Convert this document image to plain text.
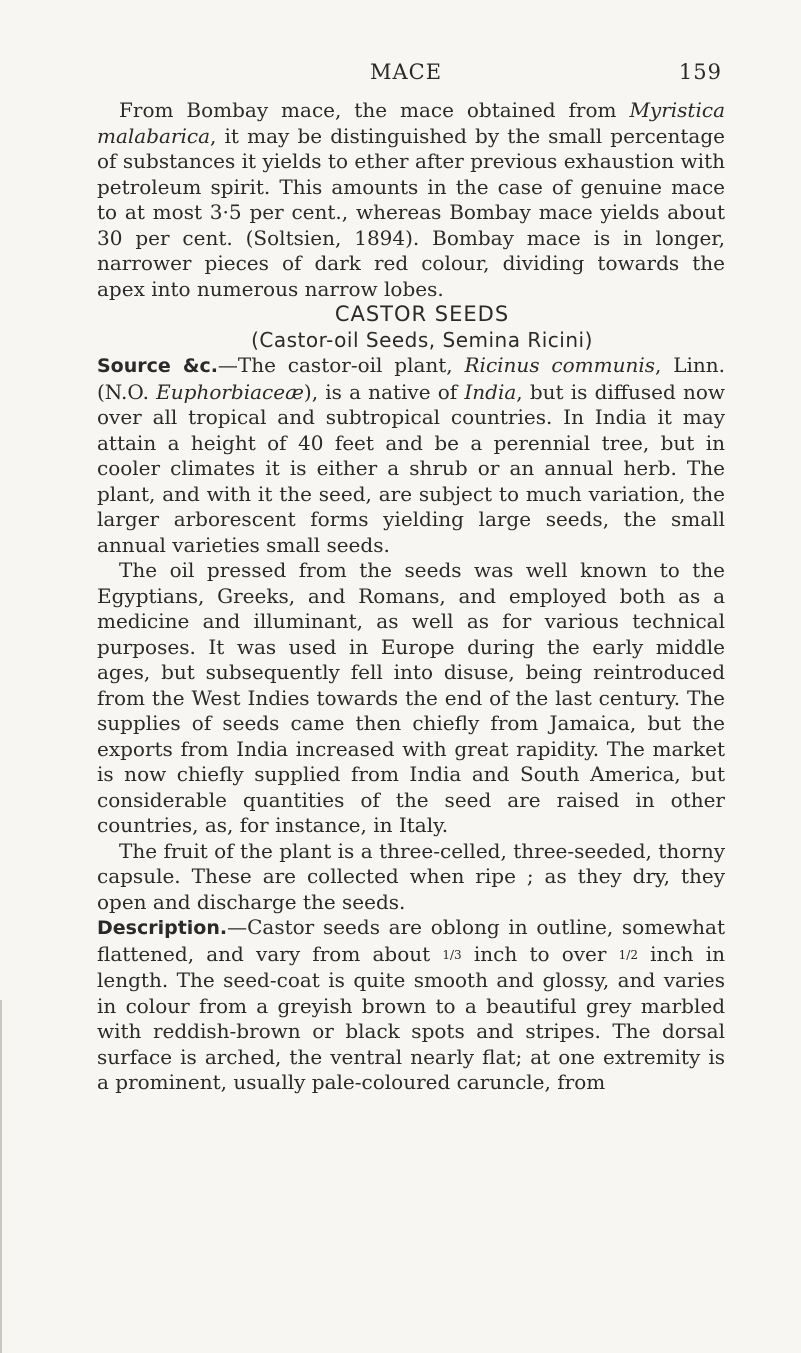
MACE	159

From Bombay mace, the mace obtained from Myristica malabarica, it may be distinguished by the small percentage of substances it yields to ether after previous exhaustion with petroleum spirit. This amounts in the case of genuine mace to at most 3·5 per cent., whereas Bombay mace yields about 30 per cent. (Soltsien, 1894). Bombay mace is in longer, narrower pieces of dark red colour, dividing towards the apex into numerous narrow lobes.

CASTOR SEEDS

(Castor-oil Seeds, Semina Ricini)

Source &c.—The castor-oil plant, Ricinus communis, Linn. (N.O. Euphorbiaceæ), is a native of India, but is diffused now over all tropical and subtropical countries. In India it may attain a height of 40 feet and be a perennial tree, but in cooler climates it is either a shrub or an annual herb. The plant, and with it the seed, are subject to much variation, the larger arborescent forms yielding large seeds, the small annual varieties small seeds.

The oil pressed from the seeds was well known to the Egyptians, Greeks, and Romans, and employed both as a medicine and illuminant, as well as for various technical purposes. It was used in Europe during the early middle ages, but subsequently fell into disuse, being reintroduced from the West Indies towards the end of the last century. The supplies of seeds came then chiefly from Jamaica, but the exports from India increased with great rapidity. The market is now chiefly supplied from India and South America, but considerable quantities of the seed are raised in other countries, as, for instance, in Italy.

The fruit of the plant is a three-celled, three-seeded, thorny capsule. These are collected when ripe ; as they dry, they open and discharge the seeds.

Description.—Castor seeds are oblong in outline, somewhat flattened, and vary from about 1/3 inch to over 1/2 inch in length. The seed-coat is quite smooth and glossy, and varies in colour from a greyish brown to a beautiful grey marbled with reddish-brown or black spots and stripes. The dorsal surface is arched, the ventral nearly flat; at one extremity is a prominent, usually pale-coloured caruncle, from
